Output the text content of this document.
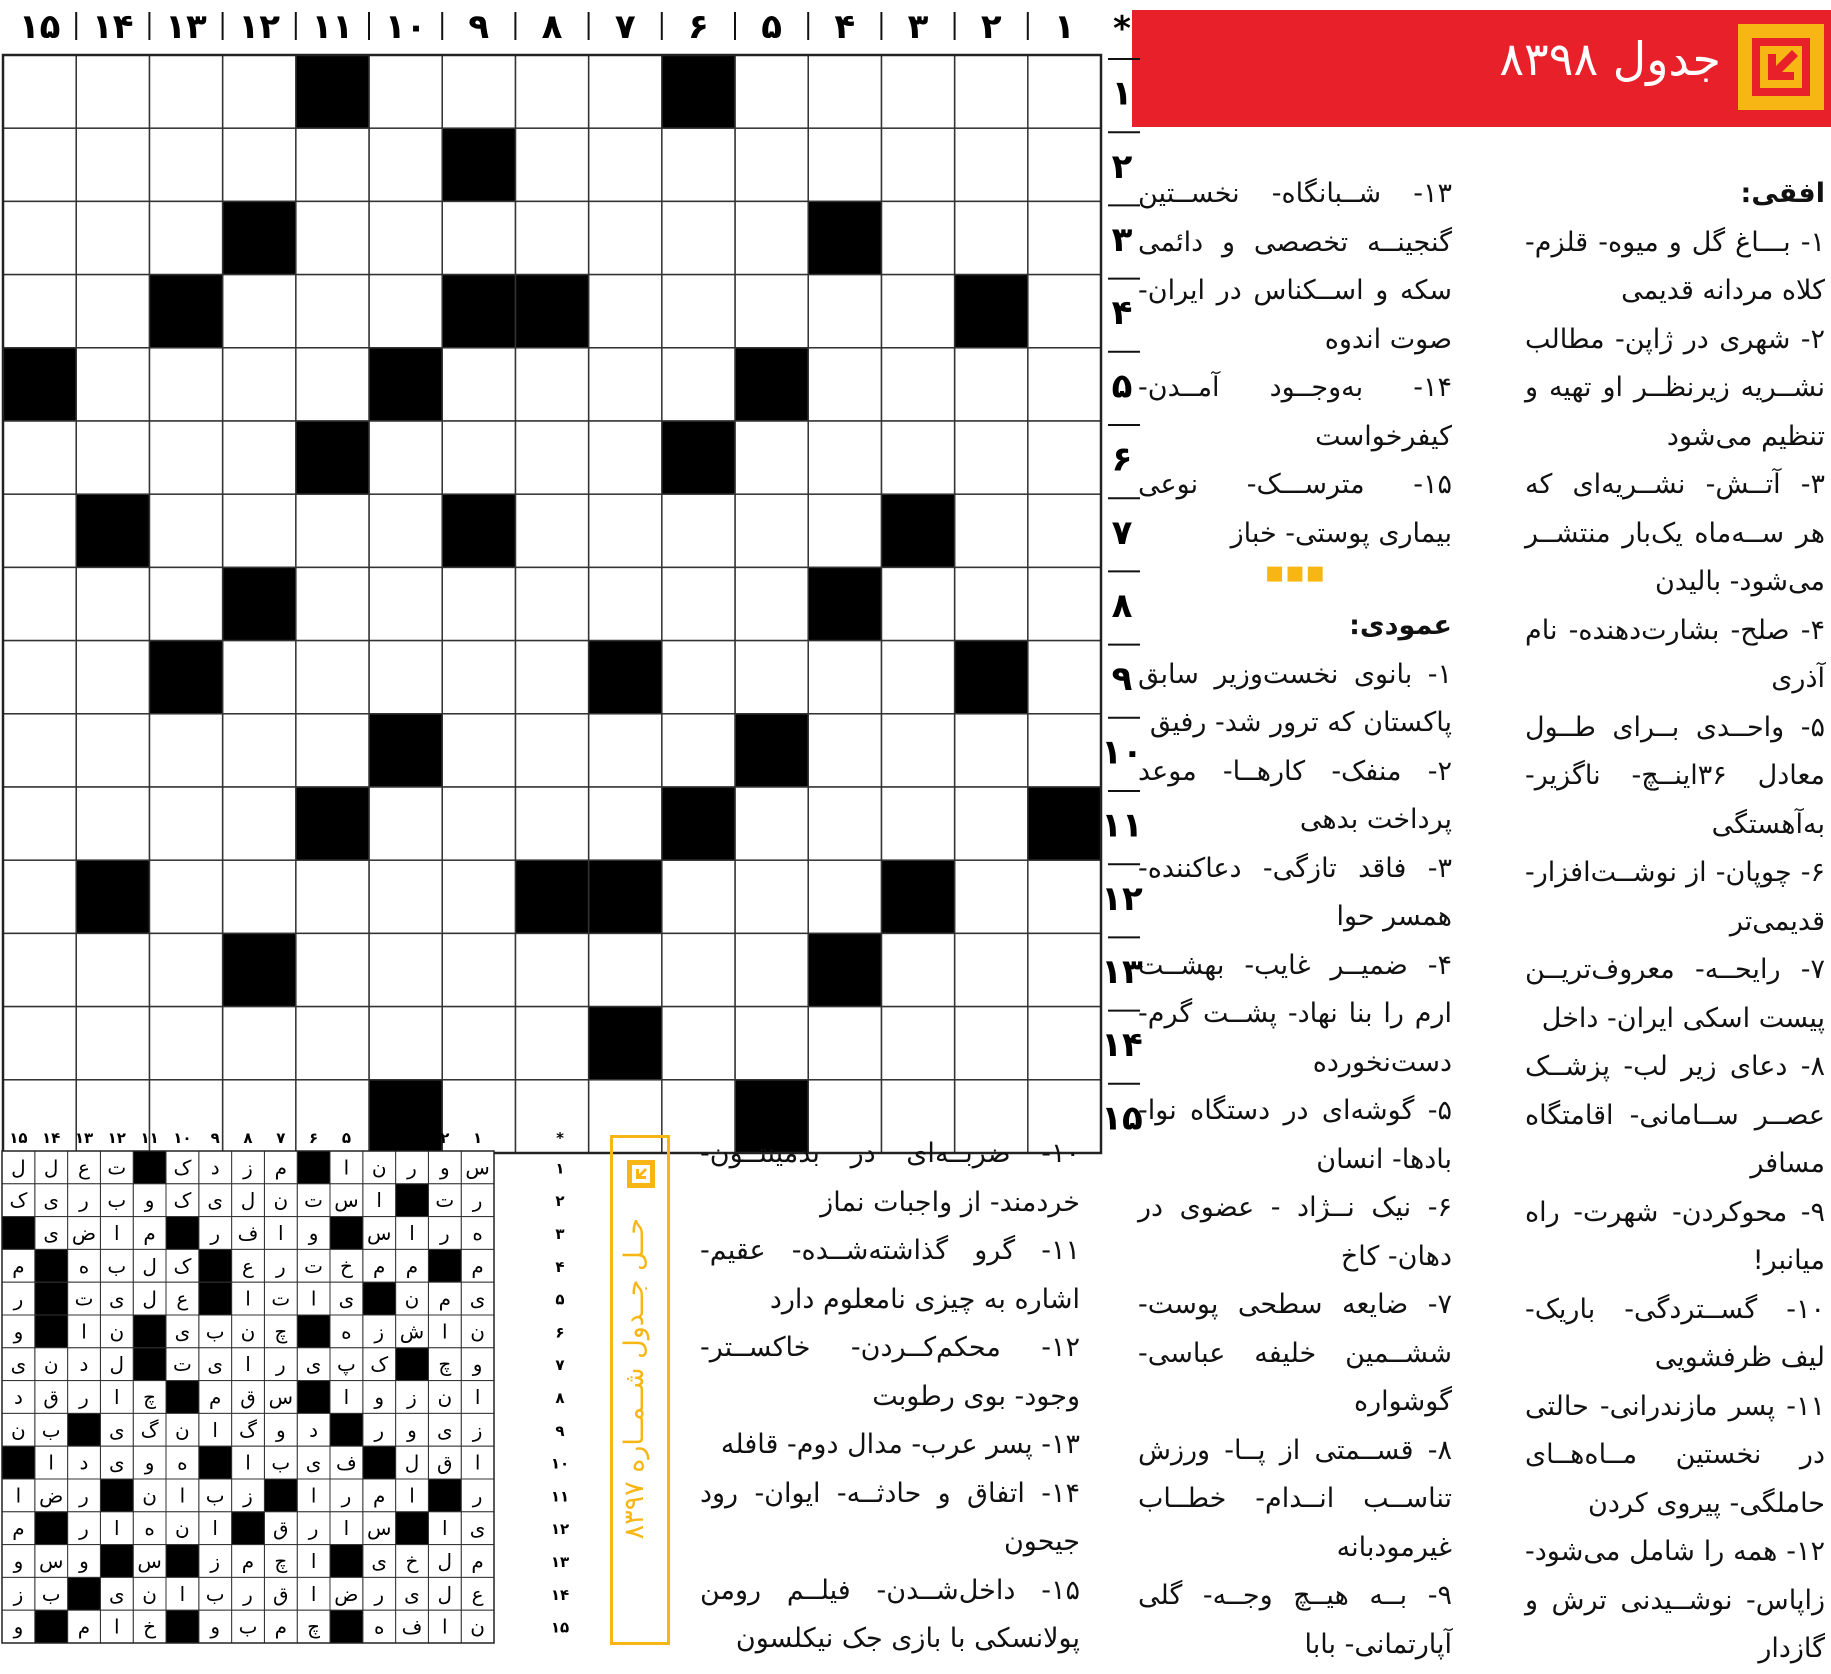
جدول ۸۳۹۸
۱
۲
۳
۴
۵
۶
۷
۸
۹
۱۰
۱۱
۱۲
۱۳
۱۴
۱۵	*
۱
۲
۳
۴
۵
۶
۷
۸
۹
۱۰
۱۱
۱۲
۱۳
۱۴
۱۵

افقی:

۱- بـــاغ گل و میوه- قلزم- کلاه مردانه قدیمی

۲- شهری در ژاپن- مطالب نشــریه زیرنظــر او تهیه و تنظیم می‌شود

۳- آتــش- نشــریه‌ای که هر ســه‌ماه یک‌بار منتشــر می‌شود- بالیدن

۴- صلح- بشارت‌دهنده- نام آذری

۵- واحــدی بــرای طــول معادل ۳۶اینــچ- ناگزیر- به‌آهستگی

۶- چوپان- از نوشــت‌افزار- قدیمی‌تر

۷- رایحــه- معروف‌تریــن پیست اسکی ایران- داخل

۸- دعای زیر لب- پزشــک عصــر ســامانی- اقامتگاه مسافر

۹- محوکردن- شهرت- راه میانبر!

۱۰- گســتردگی- باریک- لیف ظرفشویی

۱۱- پسر مازندرانی- حالتی در نخستین مــاه‌هــای حاملگی- پیروی کردن

۱۲- همه را شامل می‌شود- زاپاس- نوشــیدنی ترش و گازدار

۱۳- شــبانگاه- نخســتین گنجینــه تخصصی و دائمی سکه و اســکناس در ایران- صوت اندوه

۱۴- به‌وجــود آمــدن- کیفرخواست

۱۵- مترســـک- نوعی بیماری پوستی- خباز

▪▪▪

عمودی:

۱- بانوی نخست‌وزیر سابق پاکستان که ترور شد- رفیق

۲- منفک- کارهــا- موعد پرداخت بدهی

۳- فاقد تازگی- دعاکننده- همسر حوا

۴- ضمیــر غایب- بهشــت ارم را بنا نهاد- پشــت گرم- دست‌نخورده

۵- گوشه‌ای در دستگاه نوا- بادها- انسان

۶- نیک نــژاد - عضوی در دهان- کاخ

۷- ضایعه سطحی پوست- ششــمین خلیفه عباسی- گوشواره

۸- قســمتی از پــا- ورزش تناســب انــدام- خطــاب غیرمودبانه

۹- بــه هیــچ وجــه- گلی آپارتمانی- بابا

۱۰- ضربــه‌ای در بدمینتــون- خردمند- از واجبات نماز

۱۱- گرو گذاشته‌شــده- عقیم- اشاره به چیزی نامعلوم دارد

۱۲- محکم‌کــردن- خاکســتر- وجود- بوی رطوبت

۱۳- پسر عرب- مدال دوم- قافله

۱۴- اتفاق و حادثــه- ایوان- رود جیحون

۱۵- داخل‌شــدن- فیلــم رومن پولانسکی با بازی جک نیکلسون

حــل جــدول شــمــاره ۸۳۹۷
س
و
ر
ن
ا
م
ز
د
ک
ت
ع
ل
ل
ر
ت
ا
س
ت
ن
ل
ی
ک
و
ب
ر
ی
ک
ه
ر
ا
س
و
ا
ف
ر
م
ا
ض
ی
م
م
م
خ
ت
ر
ع
ک
ل
ب
ه
م
ی
م
ن
ی
ا
ت
ا
ع
ل
ی
ت
ر
ن
ا
ش
ز
ه
چ
ن
ب
ی
ن
ا
و
و
چ
ک
پ
ی
ر
ا
ی
ت
ل
د
ن
ی
ا
ن
ز
و
ا
س
ق
م
چ
ا
ر
ق
د
ز
ی
و
ر
د
و
گ
ا
ن
گ
ی
ب
ن
ا
ق
ل
ف
ی
ب
ا
ه
و
ی
د
ا
ر
ا
م
ر
ا
ز
ب
ا
ن
ر
ض
ا
ی
ا
س
ا
ر
ق
ا
ن
ه
ا
ر
م
م
ل
خ
ی
ا
چ
م
ز
س
و
س
و
ع
ل
ی
ر
ض
ا
ق
ر
ب
ا
ن
ی
ب
ز
ن
ا
ف
ه
چ
م
ب
و
خ
ا
م
و
۱
۲
۳
۴
۵
۶
۷
۸
۹
۱۰
۱۱
۱۲
۱۳
۱۴
۱۵	*
۱
۲
۳
۴
۵
۶
۷
۸
۹
۱۰
۱۱
۱۲
۱۳
۱۴
۱۵
